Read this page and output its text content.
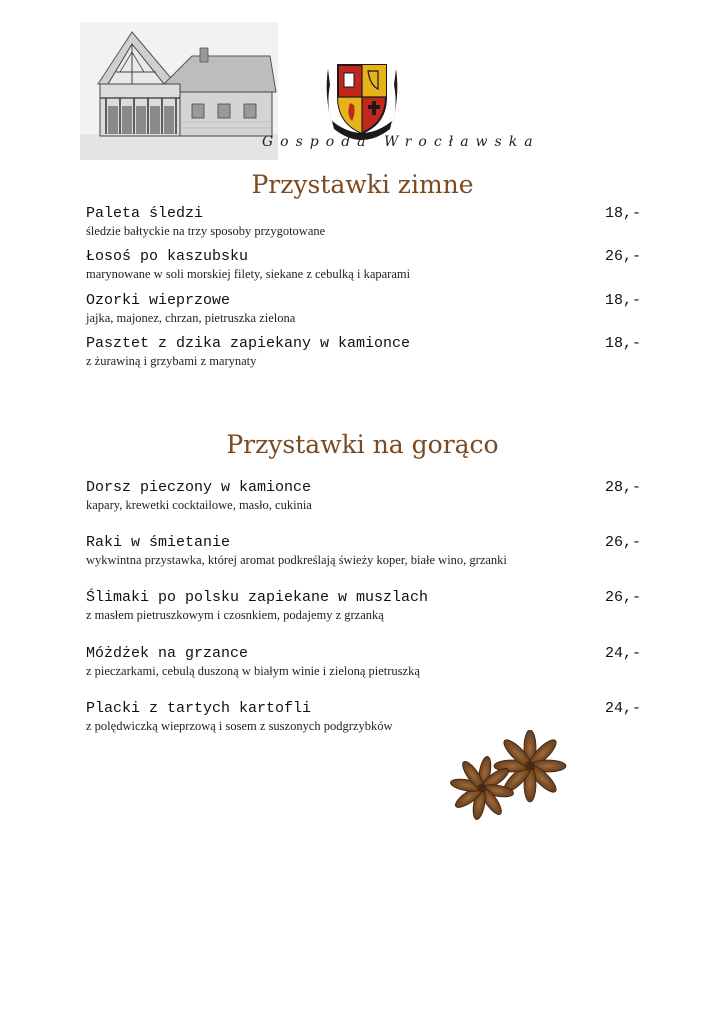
Gospoda Wrocławska
Przystawki zimne
Paleta śledzi	18,-
śledzie bałtyckie na trzy sposoby przygotowane
Łosoś po kaszubsku	26,-
marynowane w soli morskiej filety, siekane z cebulką i kaparami
Ozorki wieprzowe	18,-
jajka, majonez, chrzan, pietruszka zielona
Pasztet z dzika zapiekany w kamionce	18,-
z żurawiną i grzybami z marynaty
Przystawki na gorąco
Dorsz pieczony w kamionce	28,-
kapary, krewetki cocktailowe, masło, cukinia
Raki w śmietanie	26,-
wykwintna przystawka, której aromat podkreślają świeży koper, białe wino, grzanki
Ślimaki po polsku zapiekane w muszlach	26,-
z masłem pietruszkowym i czosnkiem, podajemy z grzanką
Móżdżek na grzance	24,-
z pieczarkami, cebulą duszoną w białym winie i zieloną pietruszką
Placki z tartych kartofli	24,-
z polędwiczką wieprzową i sosem z suszonych podgrzybków
